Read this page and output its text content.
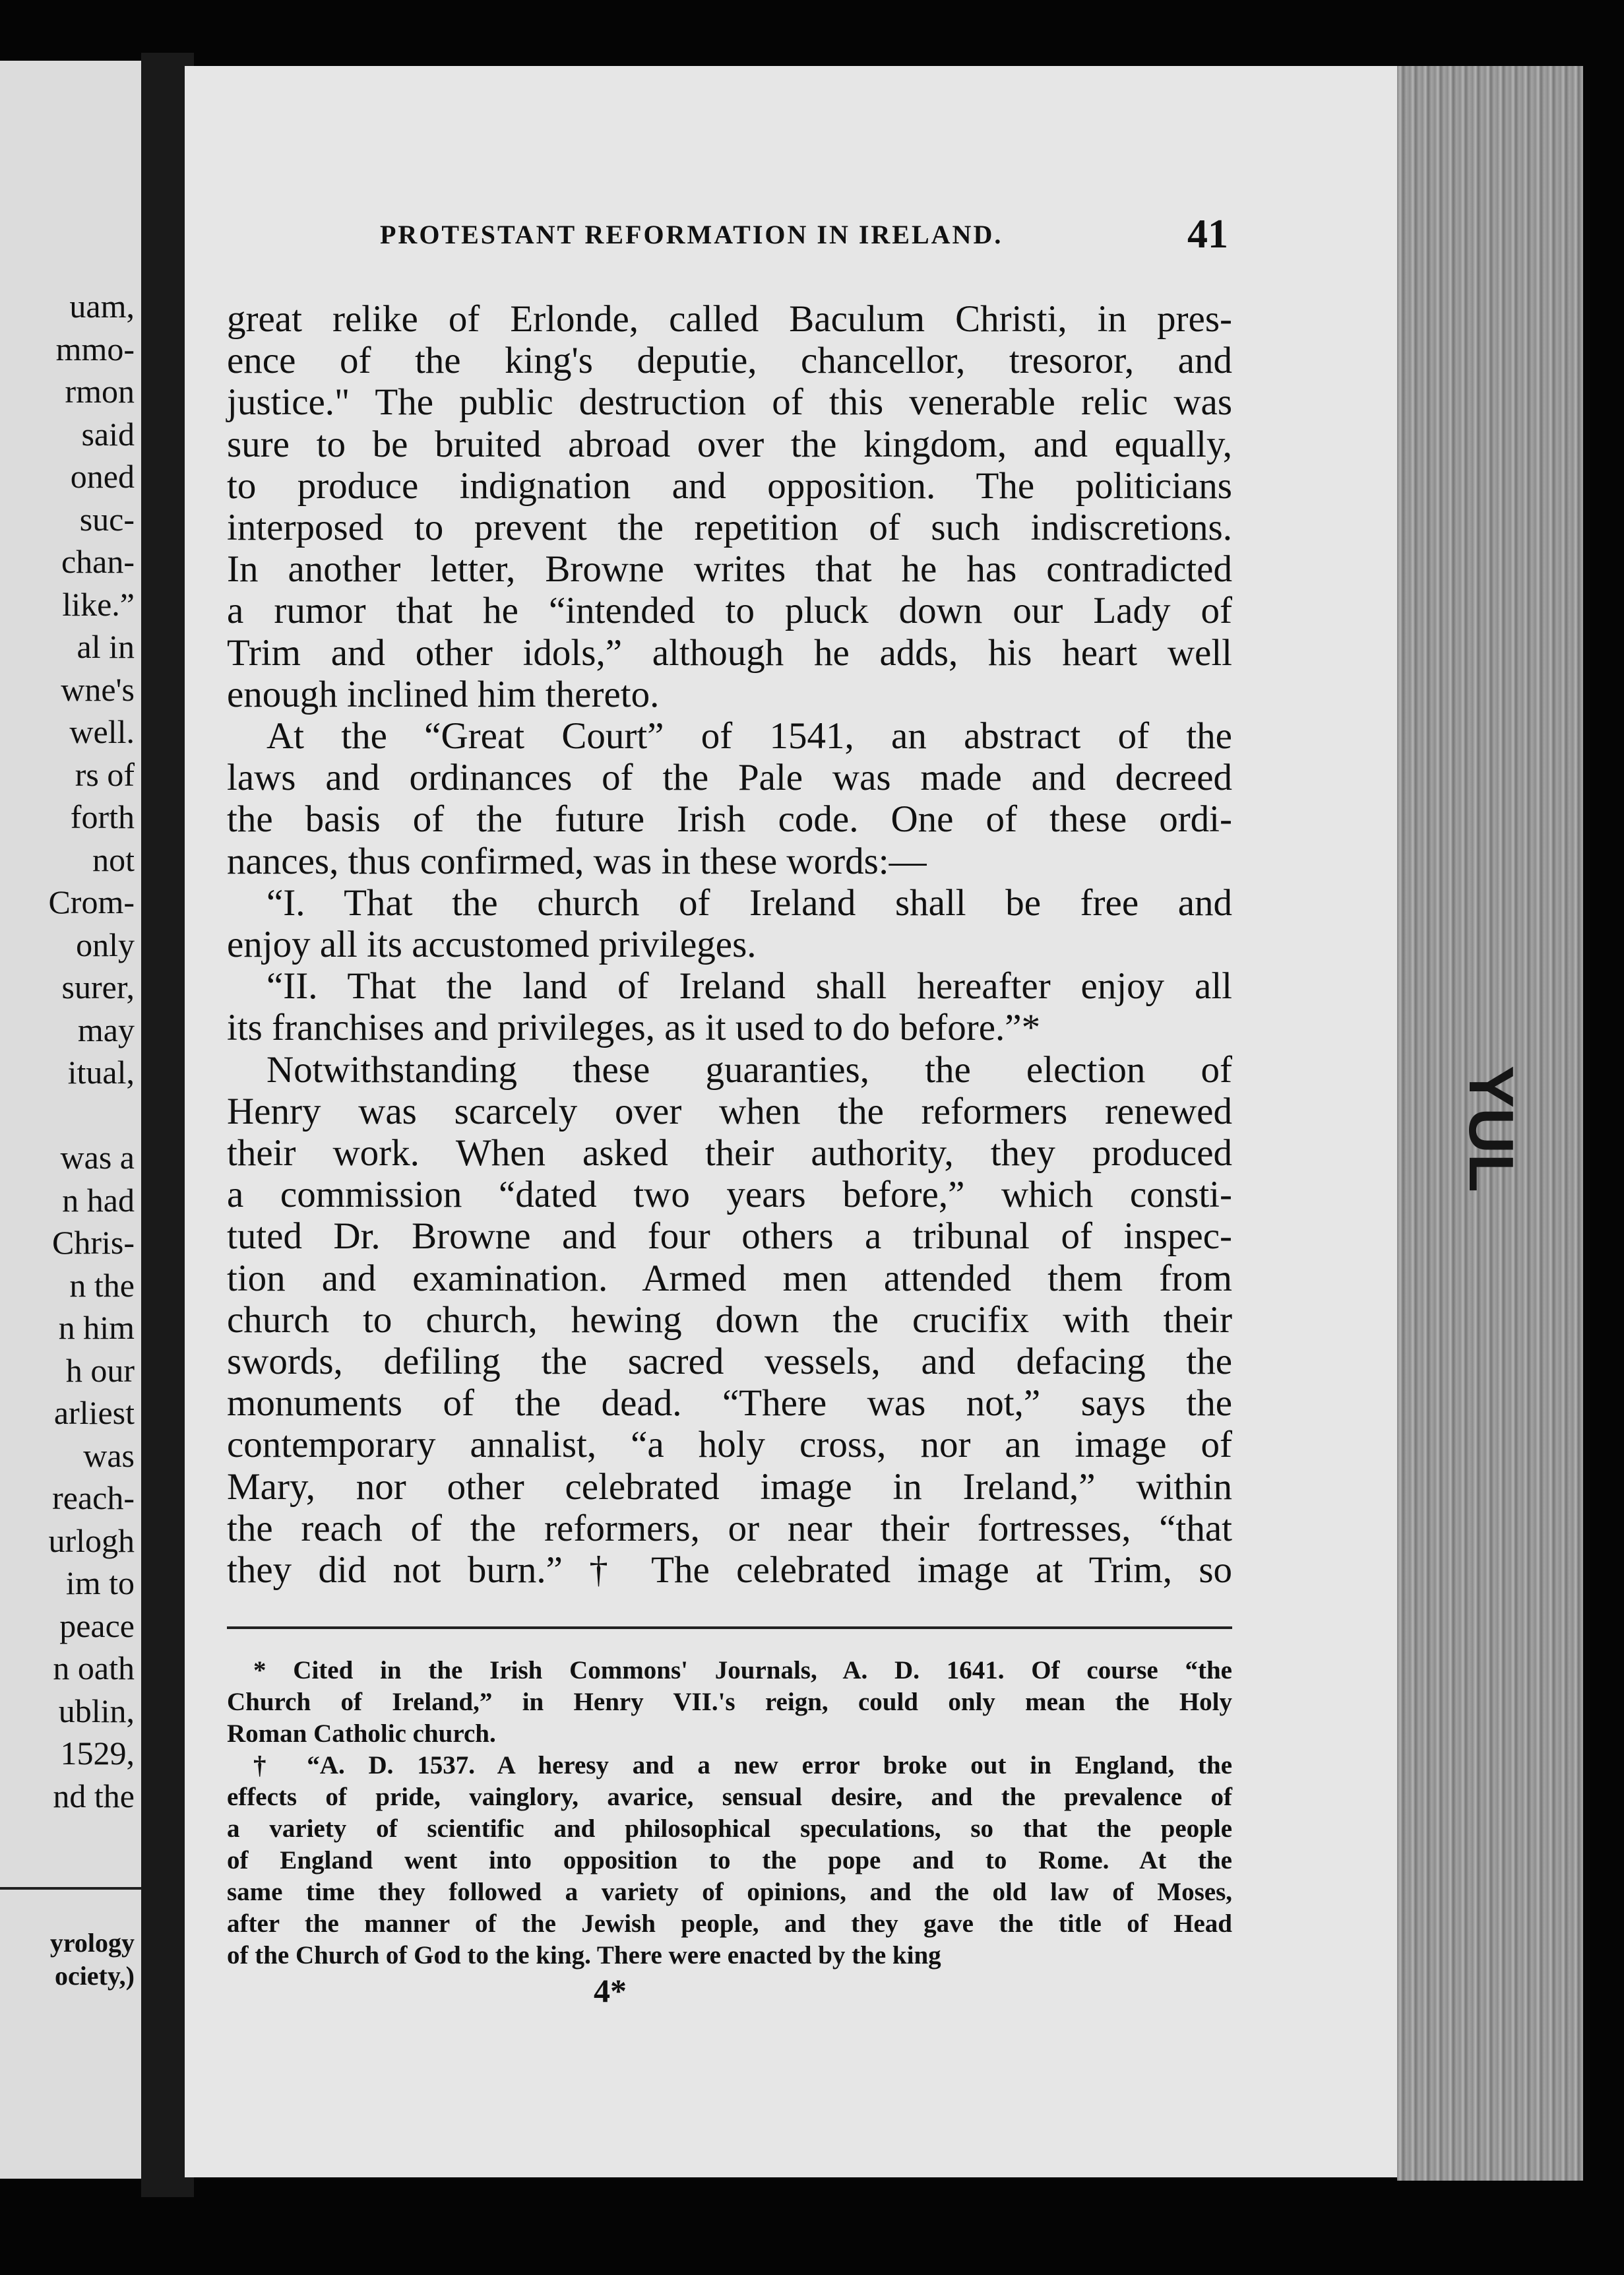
uam,
mmo-
rmon
said
oned
suc-
chan-
like.”
al in
wne's
well.
rs of
forth
not
Crom-
only
surer,
may
itual,

was a
n had
Chris-
n the
n him
h our
arliest
was
reach-
urlogh
im to
peace
n oath
ublin,
1529,
nd the
yrology
ociety,)
YUL
PROTESTANT REFORMATION IN IRELAND.	41
great relike of Erlonde, called Baculum Christi, in pres-
ence of the king's deputie, chancellor, tresoror, and
justice." The public destruction of this venerable relic was
sure to be bruited abroad over the kingdom, and equally,
to produce indignation and opposition. The politicians
interposed to prevent the repetition of such indiscretions.
In another letter, Browne writes that he has contradicted
a rumor that he “intended to pluck down our Lady of
Trim and other idols,” although he adds, his heart well
enough inclined him thereto.
At the “Great Court” of 1541, an abstract of the
laws and ordinances of the Pale was made and decreed
the basis of the future Irish code. One of these ordi-
nances, thus confirmed, was in these words:—
“I. That the church of Ireland shall be free and
enjoy all its accustomed privileges.
“II. That the land of Ireland shall hereafter enjoy all
its franchises and privileges, as it used to do before.”*
Notwithstanding these guaranties, the election of
Henry was scarcely over when the reformers renewed
their work. When asked their authority, they produced
a commission “dated two years before,” which consti-
tuted Dr. Browne and four others a tribunal of inspec-
tion and examination. Armed men attended them from
church to church, hewing down the crucifix with their
swords, defiling the sacred vessels, and defacing the
monuments of the dead. “There was not,” says the
contemporary annalist, “a holy cross, nor an image of
Mary, nor other celebrated image in Ireland,” within
the reach of the reformers, or near their fortresses, “that
they did not burn.” † The celebrated image at Trim, so
* Cited in the Irish Commons' Journals, A. D. 1641. Of course “the
Church of Ireland,” in Henry VII.'s reign, could only mean the Holy
Roman Catholic church.
† “A. D. 1537. A heresy and a new error broke out in England, the
effects of pride, vainglory, avarice, sensual desire, and the prevalence of
a variety of scientific and philosophical speculations, so that the people
of England went into opposition to the pope and to Rome. At the
same time they followed a variety of opinions, and the old law of Moses,
after the manner of the Jewish people, and they gave the title of Head
of the Church of God to the king. There were enacted by the king
4*
